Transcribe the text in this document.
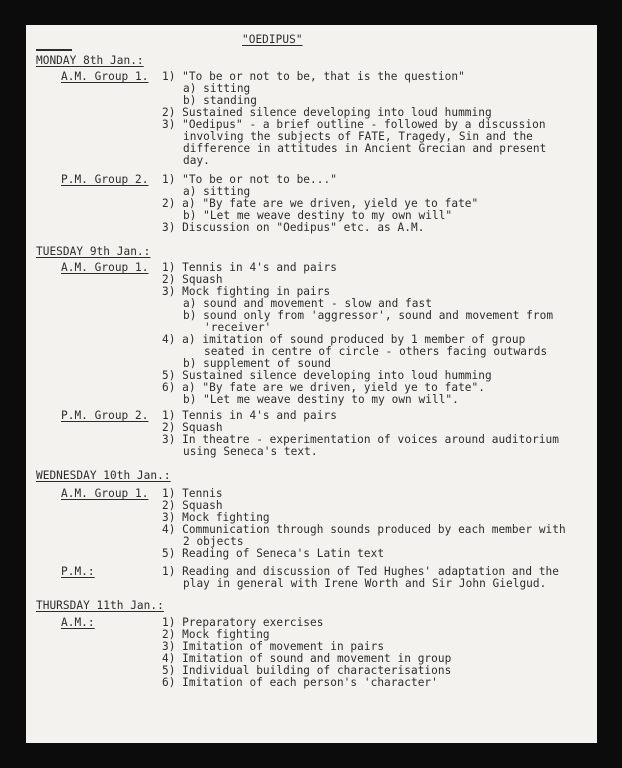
"OEDIPUS"
MONDAY 8th Jan.:
A.M. Group 1. 1) "To be or not to be, that is the question"
a) sitting
b) standing
2) Sustained silence developing into loud humming
3) "Oedipus" - a brief outline - followed by a discussion
involving the subjects of FATE, Tragedy, Sin and the
difference in attitudes in Ancient Grecian and present
day.
P.M. Group 2. 1) "To be or not to be..."
a) sitting
2) a) "By fate are we driven, yield ye to fate"
b) "Let me weave destiny to my own will"
3) Discussion on "Oedipus" etc. as A.M.
TUESDAY 9th Jan.:
A.M. Group 1. 1) Tennis in 4's and pairs
2) Squash
3) Mock fighting in pairs
a) sound and movement - slow and fast
b) sound only from 'aggressor', sound and movement from
'receiver'
4) a) imitation of sound produced by 1 member of group
seated in centre of circle - others facing outwards
b) supplement of sound
5) Sustained silence developing into loud humming
6) a) "By fate are we driven, yield ye to fate".
b) "Let me weave destiny to my own will".
P.M. Group 2. 1) Tennis in 4's and pairs
2) Squash
3) In theatre - experimentation of voices around auditorium
using Seneca's text.
WEDNESDAY 10th Jan.:
A.M. Group 1. 1) Tennis
2) Squash
3) Mock fighting
4) Communication through sounds produced by each member with
2 objects
5) Reading of Seneca's Latin text
P.M.:	1) Reading and discussion of Ted Hughes' adaptation and the
play in general with Irene Worth and Sir John Gielgud.
THURSDAY 11th Jan.:
A.M.:	1) Preparatory exercises
2) Mock fighting
3) Imitation of movement in pairs
4) Imitation of sound and movement in group
5) Individual building of characterisations
6) Imitation of each person's 'character'
